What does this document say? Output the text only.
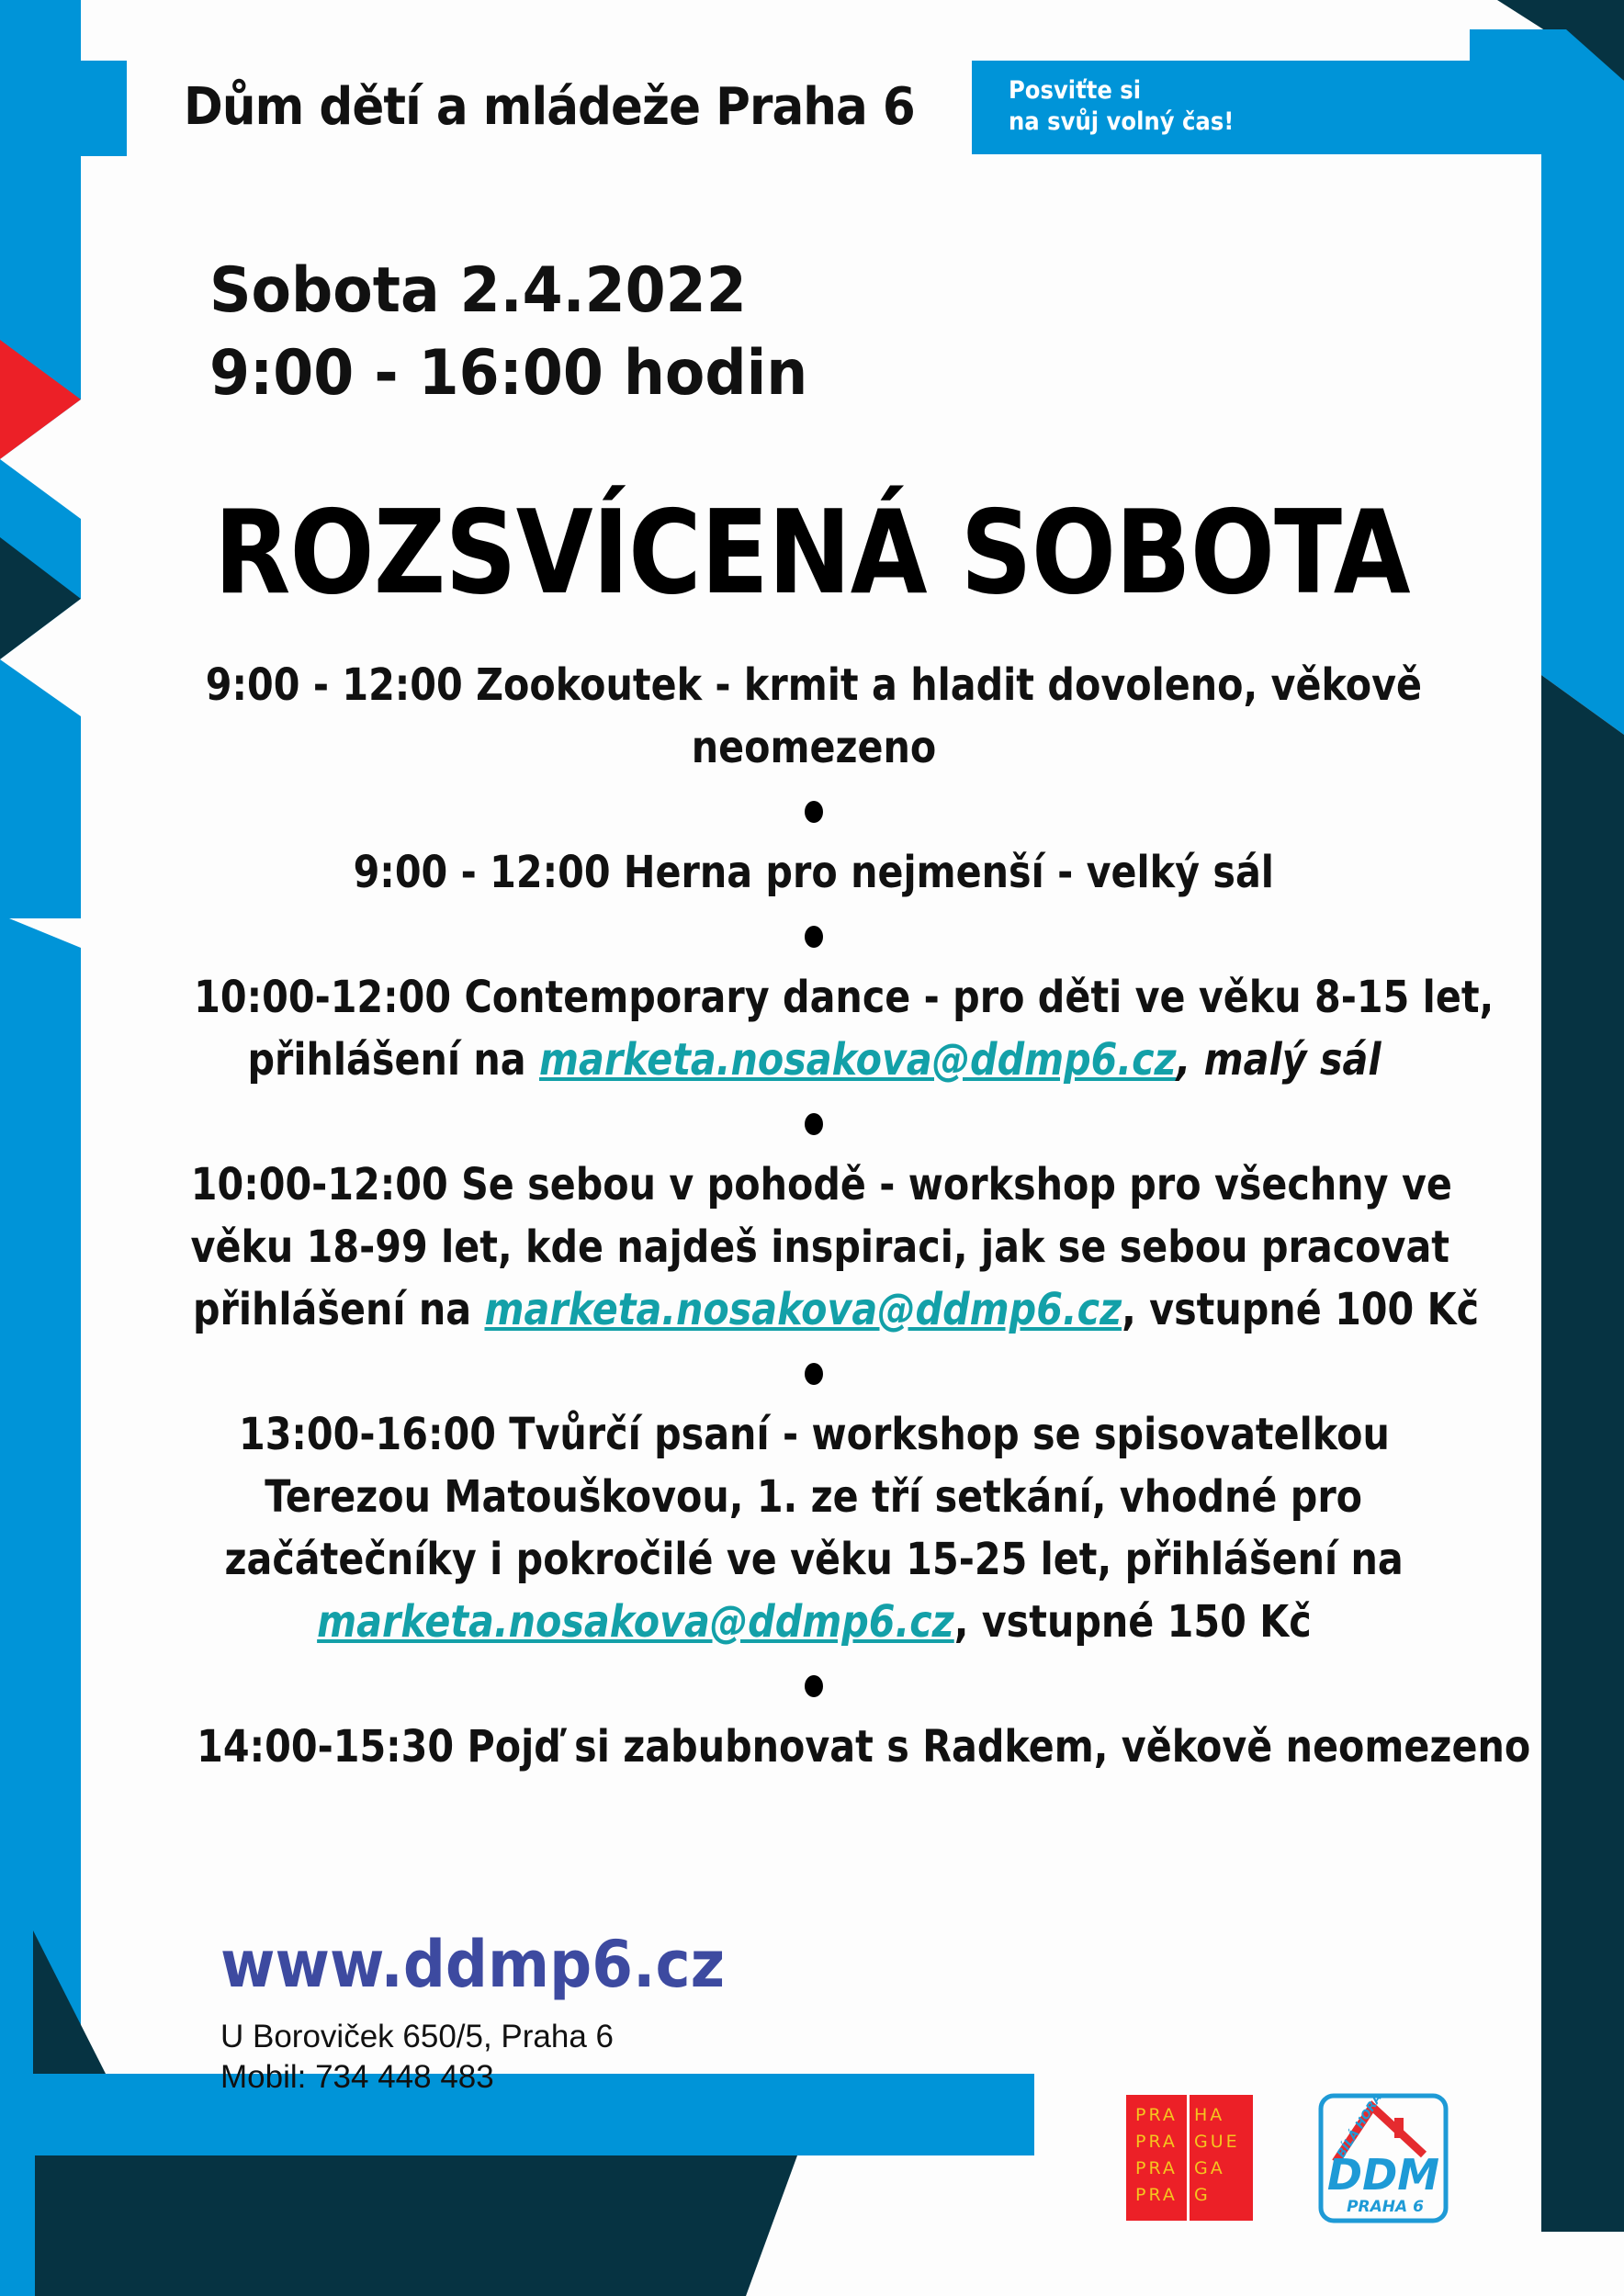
Dům dětí a mládeže Praha 6	Posviťte si
na svůj volný čas!
Sobota 2.4.2022
9:00 - 16:00 hodin
ROZSVÍCENÁ SOBOTA
9:00 - 12:00 Zookoutek - krmit a hladit dovoleno, věkově
neomezeno
9:00 - 12:00 Herna pro nejmenší - velký sál
10:00-12:00 Contemporary dance - pro děti ve věku 8-15 let,
přihlášení na marketa.nosakova@ddmp6.cz, malý sál
10:00-12:00 Se sebou v pohodě - workshop pro všechny ve
věku 18-99 let, kde najdeš inspiraci, jak se sebou pracovat
přihlášení na marketa.nosakova@ddmp6.cz, vstupné 100 Kč
13:00-16:00 Tvůrčí psaní - workshop se spisovatelkou
Terezou Matouškovou, 1. ze tří setkání, vhodné pro
začátečníky i pokročilé ve věku 15-25 let, přihlášení na
marketa.nosakova@ddmp6.cz, vstupné 150 Kč
14:00-15:30 Pojď si zabubnovat s Radkem, věkově neomezeno
www.ddmp6.cz
U Boroviček 650/5, Praha 6
Mobil: 734 448 483
PRA
PRA
PRA
PRA
HA
GUE
GA
G
BÍLÁ HORA
DDM
PRAHA 6
